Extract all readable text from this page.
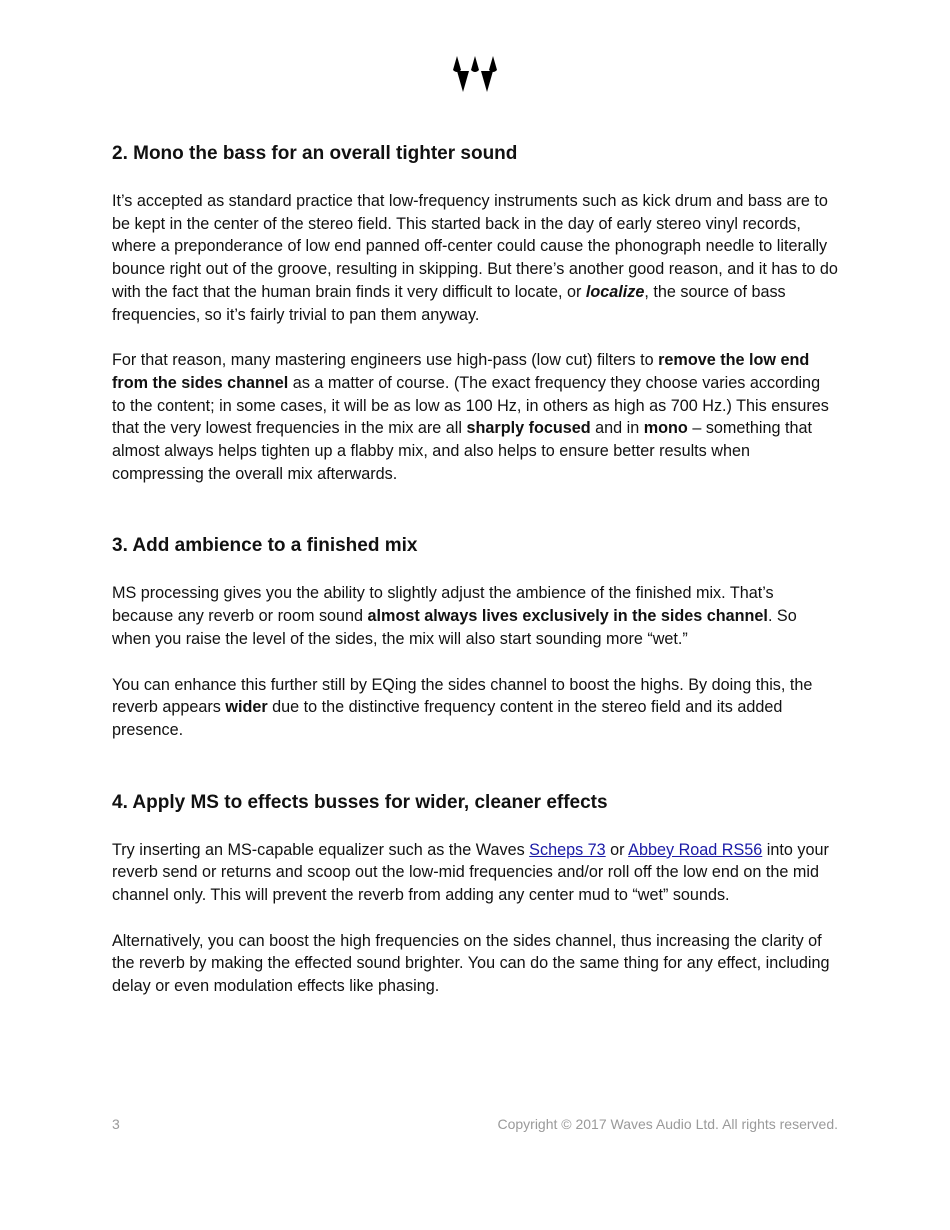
2. Mono the bass for an overall tighter sound

It’s accepted as standard practice that low-frequency instruments such as kick drum and bass are to be kept in the center of the stereo field. This started back in the day of early stereo vinyl records, where a preponderance of low end panned off-center could cause the phonograph needle to literally bounce right out of the groove, resulting in skipping. But there’s another good reason, and it has to do with the fact that the human brain finds it very difficult to locate, or localize, the source of bass frequencies, so it’s fairly trivial to pan them anyway.

For that reason, many mastering engineers use high-pass (low cut) filters to remove the low end from the sides channel as a matter of course. (The exact frequency they choose varies according to the content; in some cases, it will be as low as 100 Hz, in others as high as 700 Hz.) This ensures that the very lowest frequencies in the mix are all sharply focused and in mono – something that almost always helps tighten up a flabby mix, and also helps to ensure better results when compressing the overall mix afterwards.

3. Add ambience to a finished mix

MS processing gives you the ability to slightly adjust the ambience of the finished mix. That’s because any reverb or room sound almost always lives exclusively in the sides channel. So when you raise the level of the sides, the mix will also start sounding more “wet.”

You can enhance this further still by EQing the sides channel to boost the highs. By doing this, the reverb appears wider due to the distinctive frequency content in the stereo field and its added presence.

4. Apply MS to effects busses for wider, cleaner effects

Try inserting an MS-capable equalizer such as the Waves Scheps 73 or Abbey Road RS56 into your reverb send or returns and scoop out the low-mid frequencies and/or roll off the low end on the mid channel only. This will prevent the reverb from adding any center mud to “wet” sounds.

Alternatively, you can boost the high frequencies on the sides channel, thus increasing the clarity of the reverb by making the effected sound brighter. You can do the same thing for any effect, including delay or even modulation effects like phasing.

3	Copyright © 2017 Waves Audio Ltd. All rights reserved.
